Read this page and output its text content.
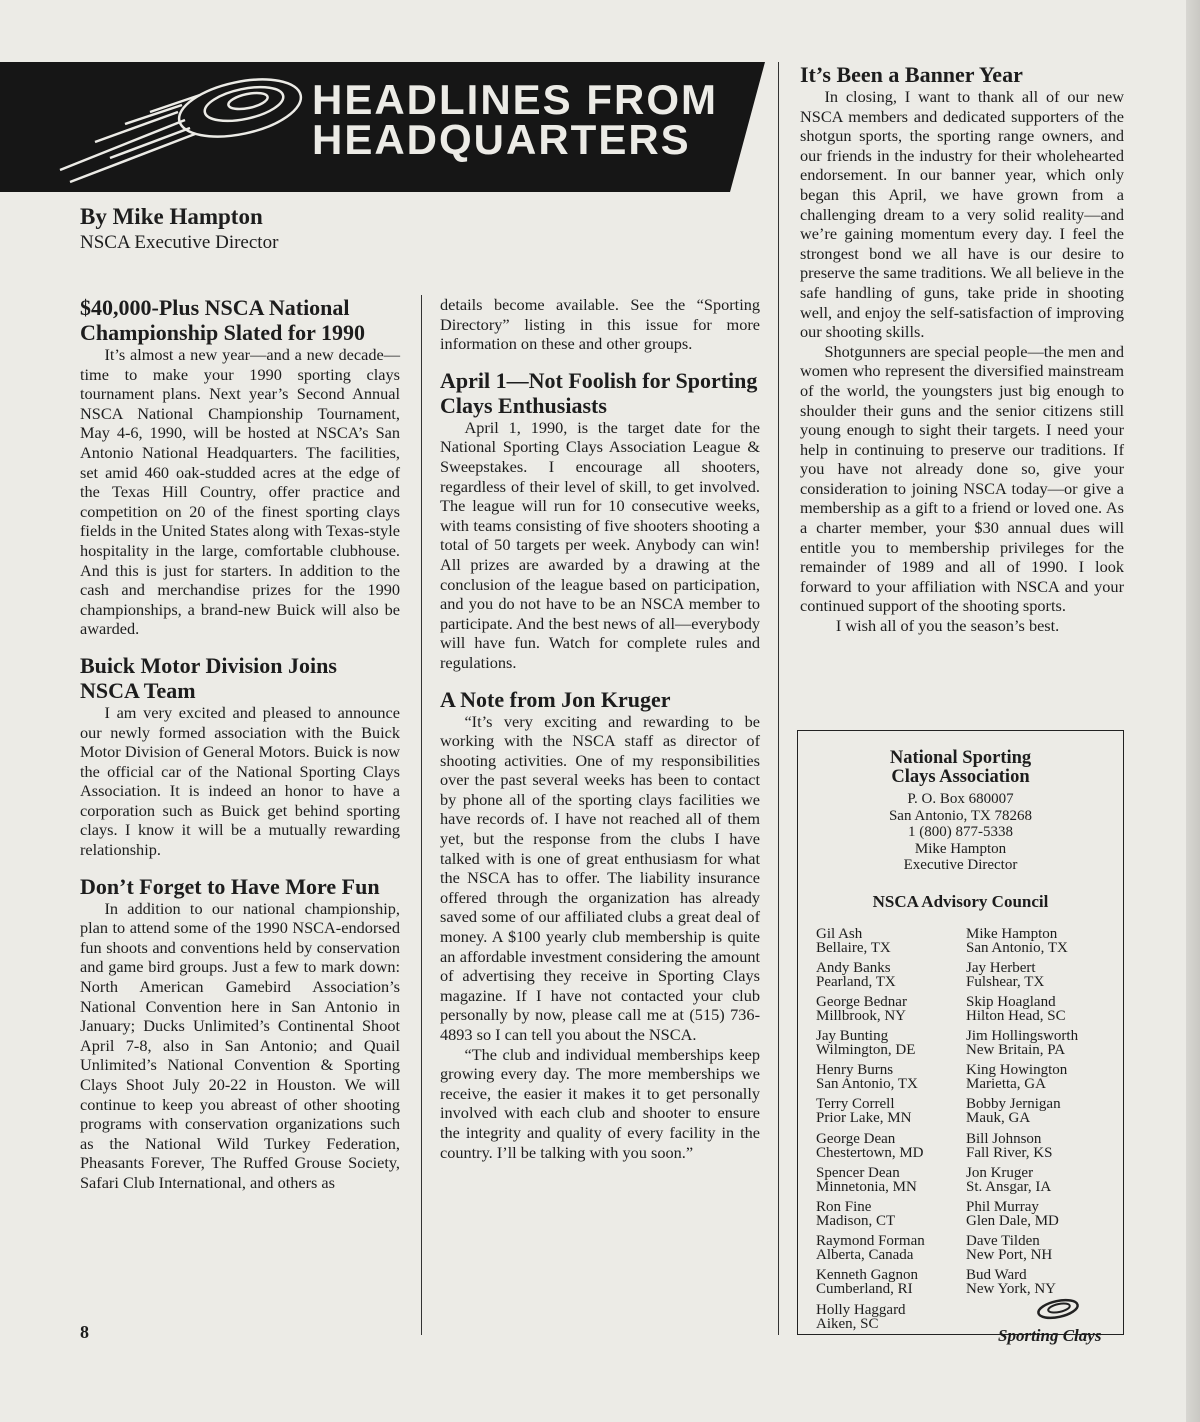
HEADLINES FROM
HEADQUARTERS
By Mike Hampton
NSCA Executive Director
$40,000-Plus NSCA National Championship Slated for 1990

It’s almost a new year—and a new decade—time to make your 1990 sporting clays tournament plans. Next year’s Second Annual NSCA National Championship Tournament, May 4-6, 1990, will be hosted at NSCA’s San Antonio National Headquarters. The facilities, set amid 460 oak-studded acres at the edge of the Texas Hill Country, offer practice and competition on 20 of the finest sporting clays fields in the United States along with Texas-style hospitality in the large, comfortable clubhouse. And this is just for starters. In addition to the cash and merchandise prizes for the 1990 championships, a brand-new Buick will also be awarded.

Buick Motor Division Joins NSCA Team

I am very excited and pleased to announce our newly formed association with the Buick Motor Division of General Motors. Buick is now the official car of the National Sporting Clays Association. It is indeed an honor to have a corporation such as Buick get behind sporting clays. I know it will be a mutually rewarding relationship.

Don’t Forget to Have More Fun

In addition to our national championship, plan to attend some of the 1990 NSCA-endorsed fun shoots and conventions held by conservation and game bird groups. Just a few to mark down: North American Gamebird Association’s National Convention here in San Antonio in January; Ducks Unlimited’s Continental Shoot April 7-8, also in San Antonio; and Quail Unlimited’s National Convention & Sporting Clays Shoot July 20-22 in Houston. We will continue to keep you abreast of other shooting programs with conservation organizations such as the National Wild Turkey Federation, Pheasants Forever, The Ruffed Grouse Society, Safari Club International, and others as

details become available. See the “Sporting Directory” listing in this issue for more information on these and other groups.

April 1—Not Foolish for Sporting Clays Enthusiasts

April 1, 1990, is the target date for the National Sporting Clays Association League & Sweepstakes. I encourage all shooters, regardless of their level of skill, to get involved. The league will run for 10 consecutive weeks, with teams consisting of five shooters shooting a total of 50 targets per week. Anybody can win! All prizes are awarded by a drawing at the conclusion of the league based on participation, and you do not have to be an NSCA member to participate. And the best news of all—everybody will have fun. Watch for complete rules and regulations.

A Note from Jon Kruger

“It’s very exciting and rewarding to be working with the NSCA staff as director of shooting activities. One of my responsibilities over the past several weeks has been to contact by phone all of the sporting clays facilities we have records of. I have not reached all of them yet, but the response from the clubs I have talked with is one of great enthusiasm for what the NSCA has to offer. The liability insurance offered through the organization has already saved some of our affiliated clubs a great deal of money. A $100 yearly club membership is quite an affordable investment considering the amount of advertising they receive in Sporting Clays magazine. If I have not contacted your club personally by now, please call me at (515) 736-4893 so I can tell you about the NSCA.

“The club and individual memberships keep growing every day. The more memberships we receive, the easier it makes it to get personally involved with each club and shooter to ensure the integrity and quality of every facility in the country. I’ll be talking with you soon.”

It’s Been a Banner Year

In closing, I want to thank all of our new NSCA members and dedicated supporters of the shotgun sports, the sporting range owners, and our friends in the industry for their wholehearted endorsement. In our banner year, which only began this April, we have grown from a challenging dream to a very solid reality—and we’re gaining momentum every day. I feel the strongest bond we all have is our desire to preserve the same traditions. We all believe in the safe handling of guns, take pride in shooting well, and enjoy the self-satisfaction of improving our shooting skills.

Shotgunners are special people—the men and women who represent the diversified mainstream of the world, the youngsters just big enough to shoulder their guns and the senior citizens still young enough to sight their targets. I need your help in continuing to preserve our traditions. If you have not already done so, give your consideration to joining NSCA today—or give a membership as a gift to a friend or loved one. As a charter member, your $30 annual dues will entitle you to membership privileges for the remainder of 1989 and all of 1990. I look forward to your affiliation with NSCA and your continued support of the shooting sports.

I wish all of you the season’s best.

National Sporting
Clays Association
P. O. Box 680007
San Antonio, TX 78268
1 (800) 877-5338
Mike Hampton
Executive Director
NSCA Advisory Council
Gil Ash
Bellaire, TX
Andy Banks
Pearland, TX
George Bednar
Millbrook, NY
Jay Bunting
Wilmington, DE
Henry Burns
San Antonio, TX
Terry Correll
Prior Lake, MN
George Dean
Chestertown, MD
Spencer Dean
Minnetonia, MN
Ron Fine
Madison, CT
Raymond Forman
Alberta, Canada
Kenneth Gagnon
Cumberland, RI
Holly Haggard
Aiken, SC
Mike Hampton
San Antonio, TX
Jay Herbert
Fulshear, TX
Skip Hoagland
Hilton Head, SC
Jim Hollingsworth
New Britain, PA
King Howington
Marietta, GA
Bobby Jernigan
Mauk, GA
Bill Johnson
Fall River, KS
Jon Kruger
St. Ansgar, IA
Phil Murray
Glen Dale, MD
Dave Tilden
New Port, NH
Bud Ward
New York, NY
8	Sporting Clays
